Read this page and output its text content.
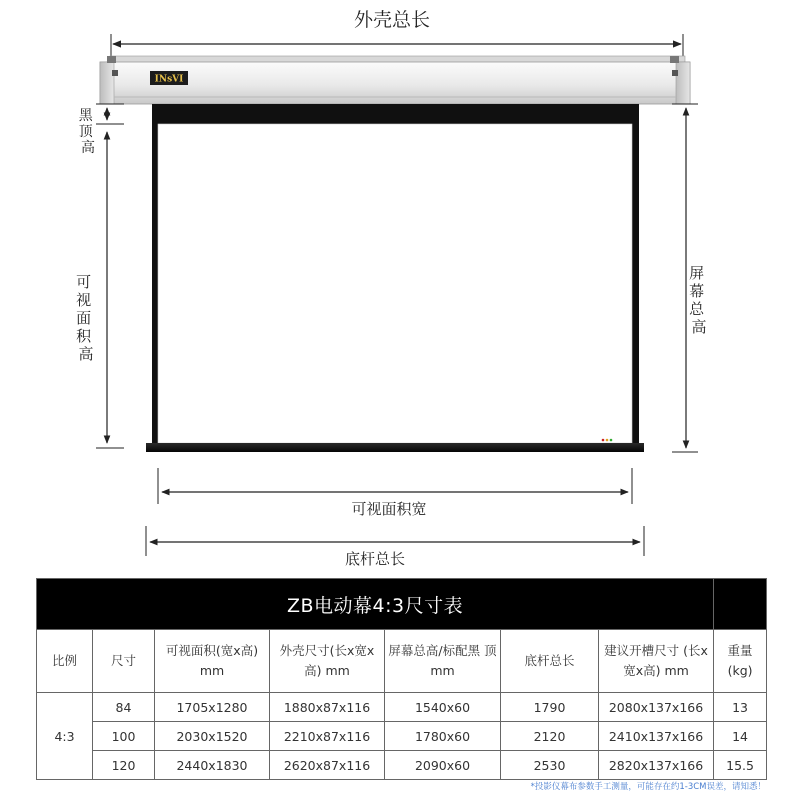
外壳总长
INsVI
黑 顶 高
可 视 面 积 高
屏 幕 总 高
可视面积宽
底杆总长
ZB电动幕4:3尺寸表							
比例	尺寸	可视面积(宽x高) mm	外壳尺寸(长x宽x 高) mm	屏幕总高/标配黑 顶 mm	底杆总长	建议开槽尺寸 (长x宽x高) mm	重量 (kg)
4:3	84	1705x1280	1880x87x116	1540x60	1790	2080x137x166	13
	100	2030x1520	2210x87x116	1780x60	2120	2410x137x166	14
	120	2440x1830	2620x87x116	2090x60	2530	2820x137x166	15.5
*投影仪幕布参数手工测量，可能存在约1-3CM误差，请知悉！
